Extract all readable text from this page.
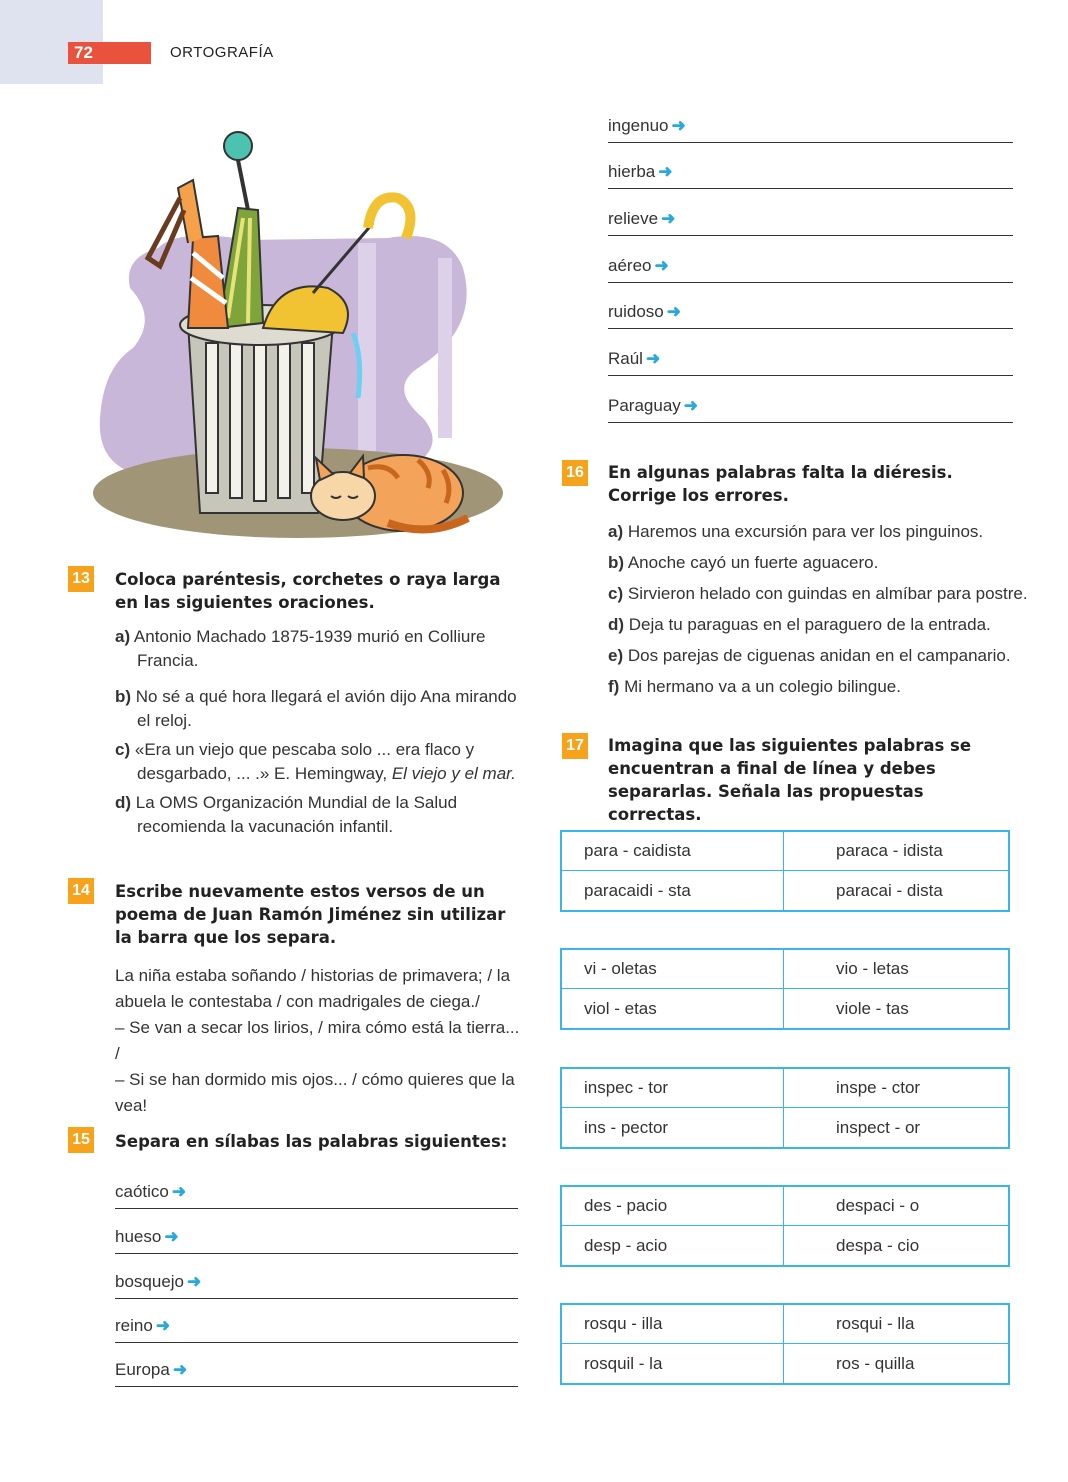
72	ORTOGRAFÍA
13 Coloca paréntesis, corchetes o raya larga en las siguientes oraciones.
a) Antonio Machado 1875-1939 murió en Colliure
Francia.
b) No sé a qué hora llegará el avión dijo Ana mirando
el reloj.
c) «Era un viejo que pescaba solo ... era flaco y
desgarbado, ... .» E. Hemingway, El viejo y el mar.
d) La OMS Organización Mundial de la Salud
recomienda la vacunación infantil.
14 Escribe nuevamente estos versos de un poema de Juan Ramón Jiménez sin utilizar la barra que los separa.
La niña estaba soñando / historias de primavera; / la
abuela le contestaba / con madrigales de ciega./
– Se van a secar los lirios, / mira cómo está la tierra... /
– Si se han dormido mis ojos... / cómo quieres que la
vea!
15 Separa en sílabas las palabras siguientes:
caótico ➜
hueso ➜
bosquejo ➜
reino ➜
Europa ➜
ingenuo ➜
hierba ➜
relieve ➜
aéreo ➜
ruidoso ➜
Raúl ➜
Paraguay ➜
16 En algunas palabras falta la diéresis. Corrige los errores.
a) Haremos una excursión para ver los pinguinos.
b) Anoche cayó un fuerte aguacero.
c) Sirvieron helado con guindas en almíbar para postre.
d) Deja tu paraguas en el paraguero de la entrada.
e) Dos parejas de ciguenas anidan en el campanario.
f) Mi hermano va a un colegio bilingue.
17 Imagina que las siguientes palabras se encuentran a final de línea y debes separarlas. Señala las propuestas correctas.
para - caidista	paraca - idista
paracaidi - sta	paracai - dista
vi - oletas	vio - letas
viol - etas	viole - tas
inspec - tor	inspe - ctor
ins - pector	inspect - or
des - pacio	despaci - o
desp - acio	despa - cio
rosqu - illa	rosqui - lla
rosquil - la	ros - quilla
